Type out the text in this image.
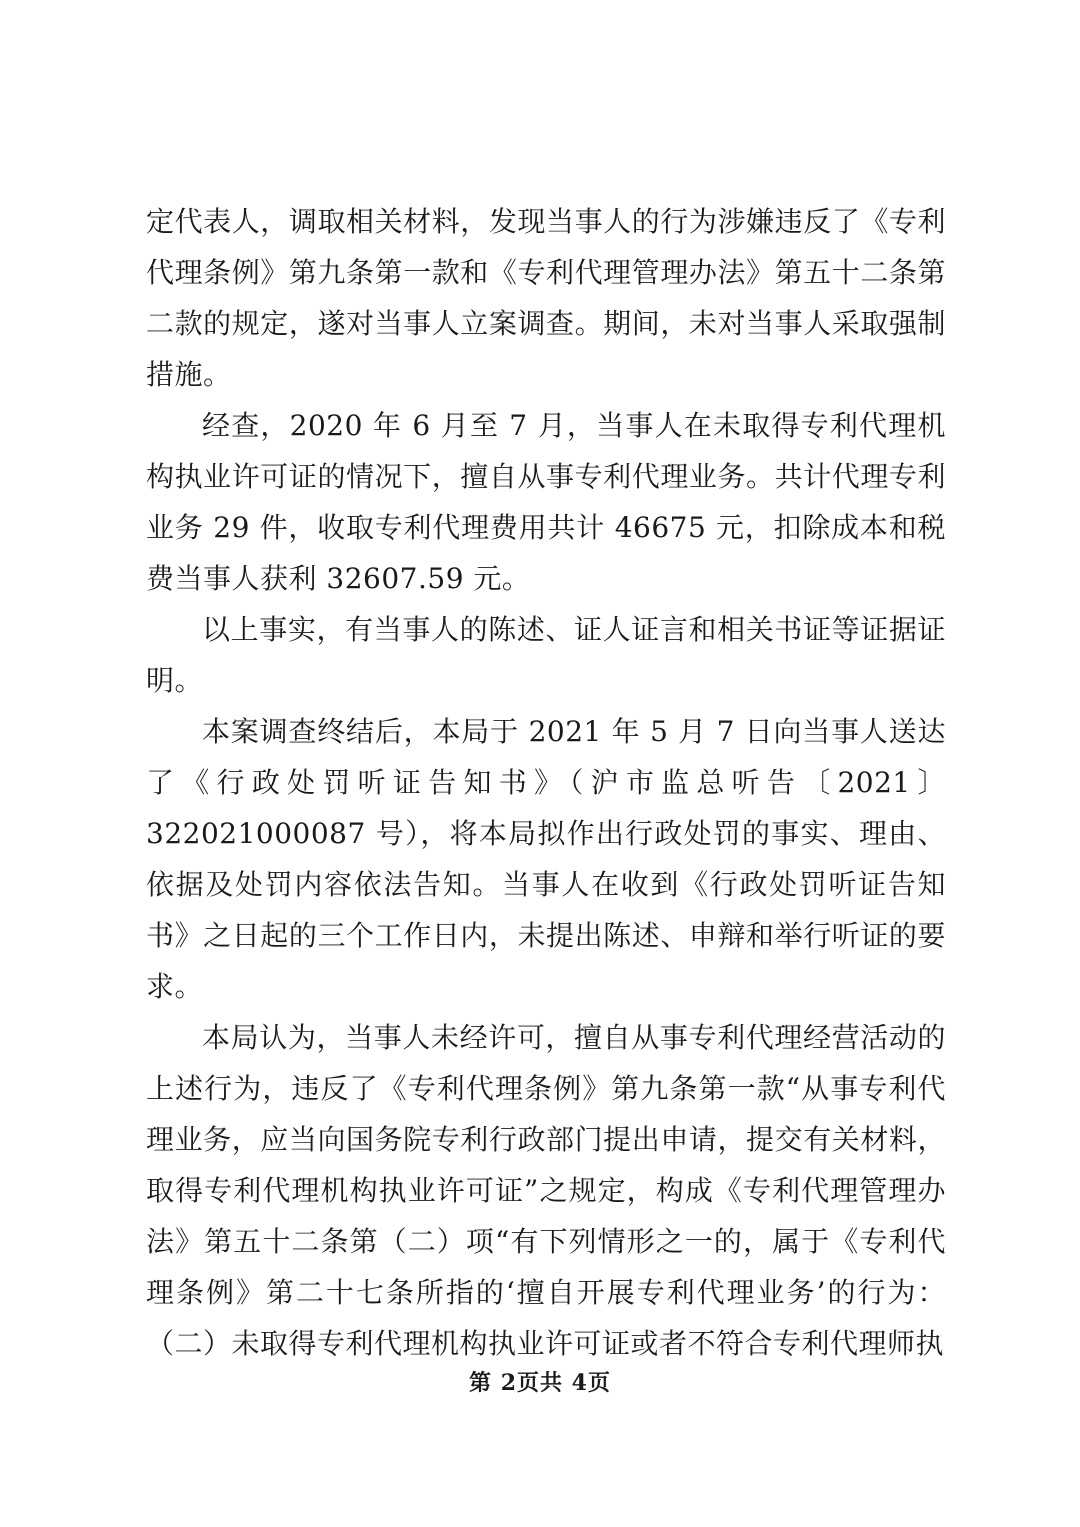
定代表人，调取相关材料，发现当事人的行为涉嫌违反了《专利代理条例》第九条第一款和《专利代理管理办法》第五十二条第二款的规定，遂对当事人立案调查。期间，未对当事人采取强制措施。

经查，2020 年 6 月至 7 月，当事人在未取得专利代理机构执业许可证的情况下，擅自从事专利代理业务。共计代理专利业务 29 件，收取专利代理费用共计 46675 元，扣除成本和税费当事人获利 32607.59 元。

以上事实，有当事人的陈述、证人证言和相关书证等证据证明。

本案调查终结后，本局于 2021 年 5 月 7 日向当事人送达了《行政处罚听证告知书》（沪市监总听告〔2021〕322021000087 号），将本局拟作出行政处罚的事实、理由、依据及处罚内容依法告知。当事人在收到《行政处罚听证告知书》之日起的三个工作日内，未提出陈述、申辩和举行听证的要求。

本局认为，当事人未经许可，擅自从事专利代理经营活动的上述行为，违反了《专利代理条例》第九条第一款“从事专利代理业务，应当向国务院专利行政部门提出申请，提交有关材料，取得专利代理机构执业许可证”之规定，构成《专利代理管理办法》第五十二条第（二）项“有下列情形之一的，属于《专利代理条例》第二十七条所指的‘擅自开展专利代理业务’的行为：（二）未取得专利代理机构执业许可证或者不符合专利代理师执

第 2页共 4页
